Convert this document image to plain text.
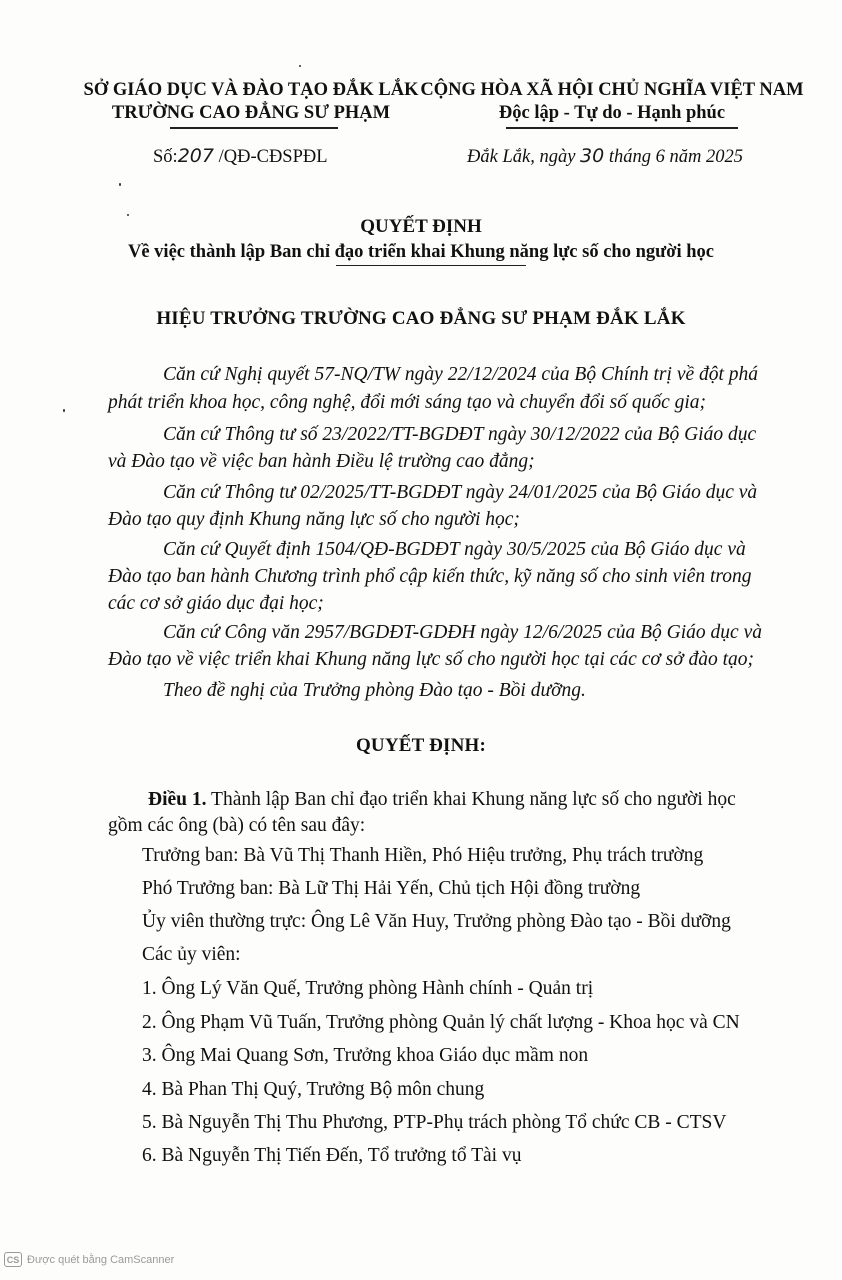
SỞ GIÁO DỤC VÀ ĐÀO TẠO ĐẮK LẮK
TRƯỜNG CAO ĐẲNG SƯ PHẠM
CỘNG HÒA XÃ HỘI CHỦ NGHĨA VIỆT NAM
Độc lập - Tự do - Hạnh phúc
Số:207 /QĐ-CĐSPĐL	Đắk Lắk, ngày 30 tháng 6 năm 2025
QUYẾT ĐỊNH
Về việc thành lập Ban chỉ đạo triển khai Khung năng lực số cho người học
HIỆU TRƯỞNG TRƯỜNG CAO ĐẲNG SƯ PHẠM ĐẮK LẮK
Căn cứ Nghị quyết 57-NQ/TW ngày 22/12/2024 của Bộ Chính trị về đột phá
phát triển khoa học, công nghệ, đổi mới sáng tạo và chuyển đổi số quốc gia;
Căn cứ Thông tư số 23/2022/TT-BGDĐT ngày 30/12/2022 của Bộ Giáo dục
và Đào tạo về việc ban hành Điều lệ trường cao đẳng;
Căn cứ Thông tư 02/2025/TT-BGDĐT ngày 24/01/2025 của Bộ Giáo dục và
Đào tạo quy định Khung năng lực số cho người học;
Căn cứ Quyết định 1504/QĐ-BGDĐT ngày 30/5/2025 của Bộ Giáo dục và
Đào tạo ban hành Chương trình phổ cập kiến thức, kỹ năng số cho sinh viên trong
các cơ sở giáo dục đại học;
Căn cứ Công văn 2957/BGDĐT-GDĐH ngày 12/6/2025 của Bộ Giáo dục và
Đào tạo về việc triển khai Khung năng lực số cho người học tại các cơ sở đào tạo;
Theo đề nghị của Trưởng phòng Đào tạo - Bồi dưỡng.
QUYẾT ĐỊNH:
Điều 1. Thành lập Ban chỉ đạo triển khai Khung năng lực số cho người học
gồm các ông (bà) có tên sau đây:
Trưởng ban: Bà Vũ Thị Thanh Hiền, Phó Hiệu trưởng, Phụ trách trường
Phó Trưởng ban: Bà Lữ Thị Hải Yến, Chủ tịch Hội đồng trường
Ủy viên thường trực: Ông Lê Văn Huy, Trưởng phòng Đào tạo - Bồi dưỡng
Các ủy viên:
1. Ông Lý Văn Quế, Trưởng phòng Hành chính - Quản trị
2. Ông Phạm Vũ Tuấn, Trưởng phòng Quản lý chất lượng - Khoa học và CN
3. Ông Mai Quang Sơn, Trưởng khoa Giáo dục mầm non
4. Bà Phan Thị Quý, Trưởng Bộ môn chung
5. Bà Nguyễn Thị Thu Phương, PTP-Phụ trách phòng Tổ chức CB - CTSV
6. Bà Nguyễn Thị Tiến Đến, Tổ trưởng tổ Tài vụ
CS Được quét bằng CamScanner
